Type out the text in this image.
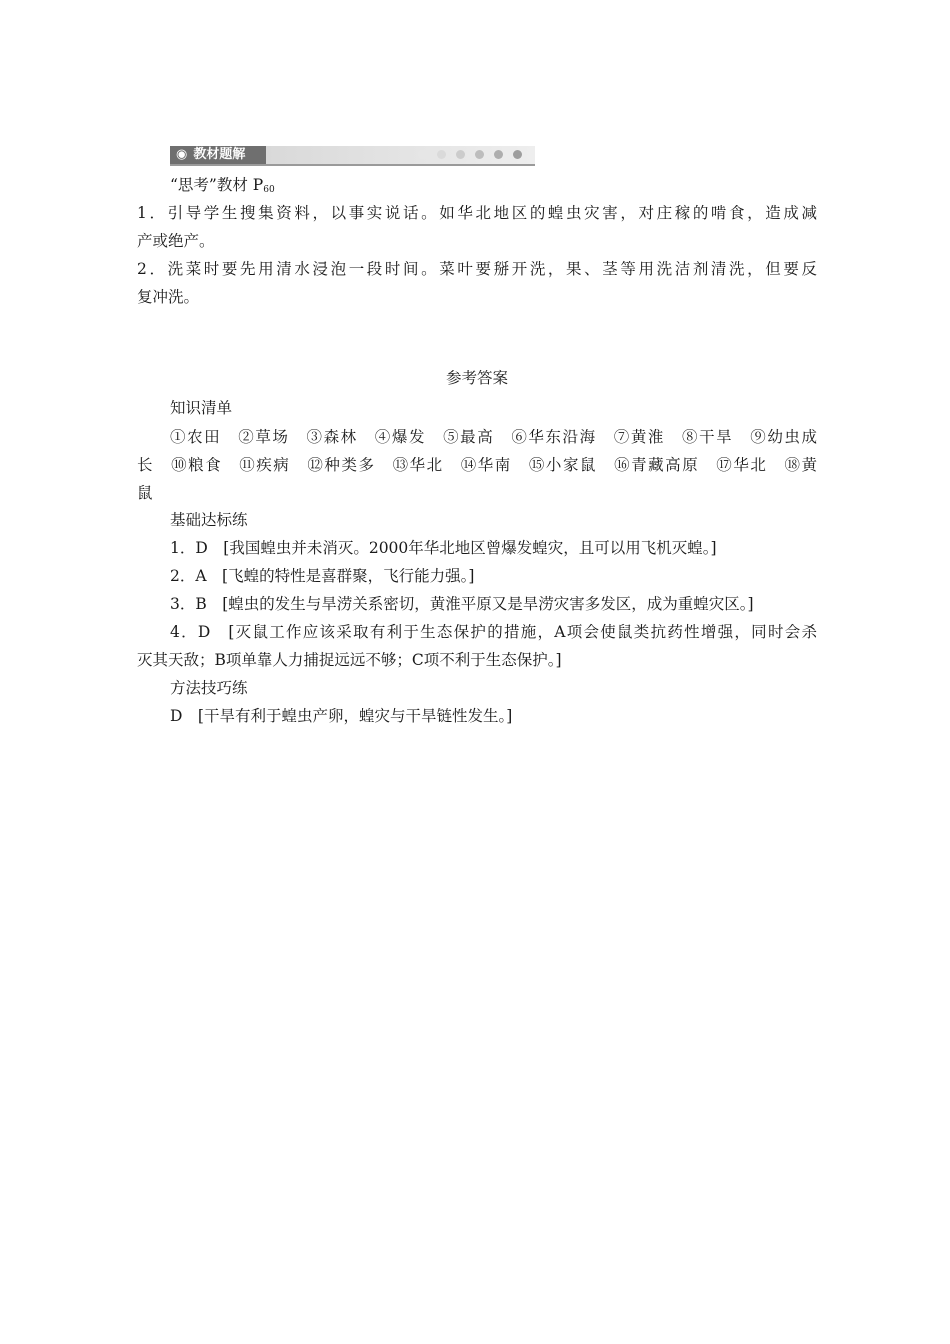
◉ 教材题解
“思考”教材 $P_{60}$
1．引导学生搜集资料，以事实说话。如华北地区的蝗虫灾害，对庄稼的啃食，造成减
产或绝产。
2．洗菜时要先用清水浸泡一段时间。菜叶要掰开洗，果、茎等用洗洁剂清洗，但要反
复冲洗。
参考答案
知识清单
①农田　②草场　③森林　④爆发　⑤最高　⑥华东沿海　⑦黄淮　⑧干旱　⑨幼虫成
长　⑩粮食　⑪疾病　⑫种类多　⑬华北　⑭华南　⑮小家鼠　⑯青藏高原　⑰华北　⑱黄
鼠
基础达标练
1．D　[我国蝗虫并未消灭。2000年华北地区曾爆发蝗灾，且可以用飞机灭蝗。]
2．A　[飞蝗的特性是喜群聚，飞行能力强。]
3．B　[蝗虫的发生与旱涝关系密切，黄淮平原又是旱涝灾害多发区，成为重蝗灾区。]
4．D　[灭鼠工作应该采取有利于生态保护的措施，A项会使鼠类抗药性增强，同时会杀
灭其天敌；B项单靠人力捕捉远远不够；C项不利于生态保护。]
方法技巧练
D　[干旱有利于蝗虫产卵，蝗灾与干旱链性发生。]
